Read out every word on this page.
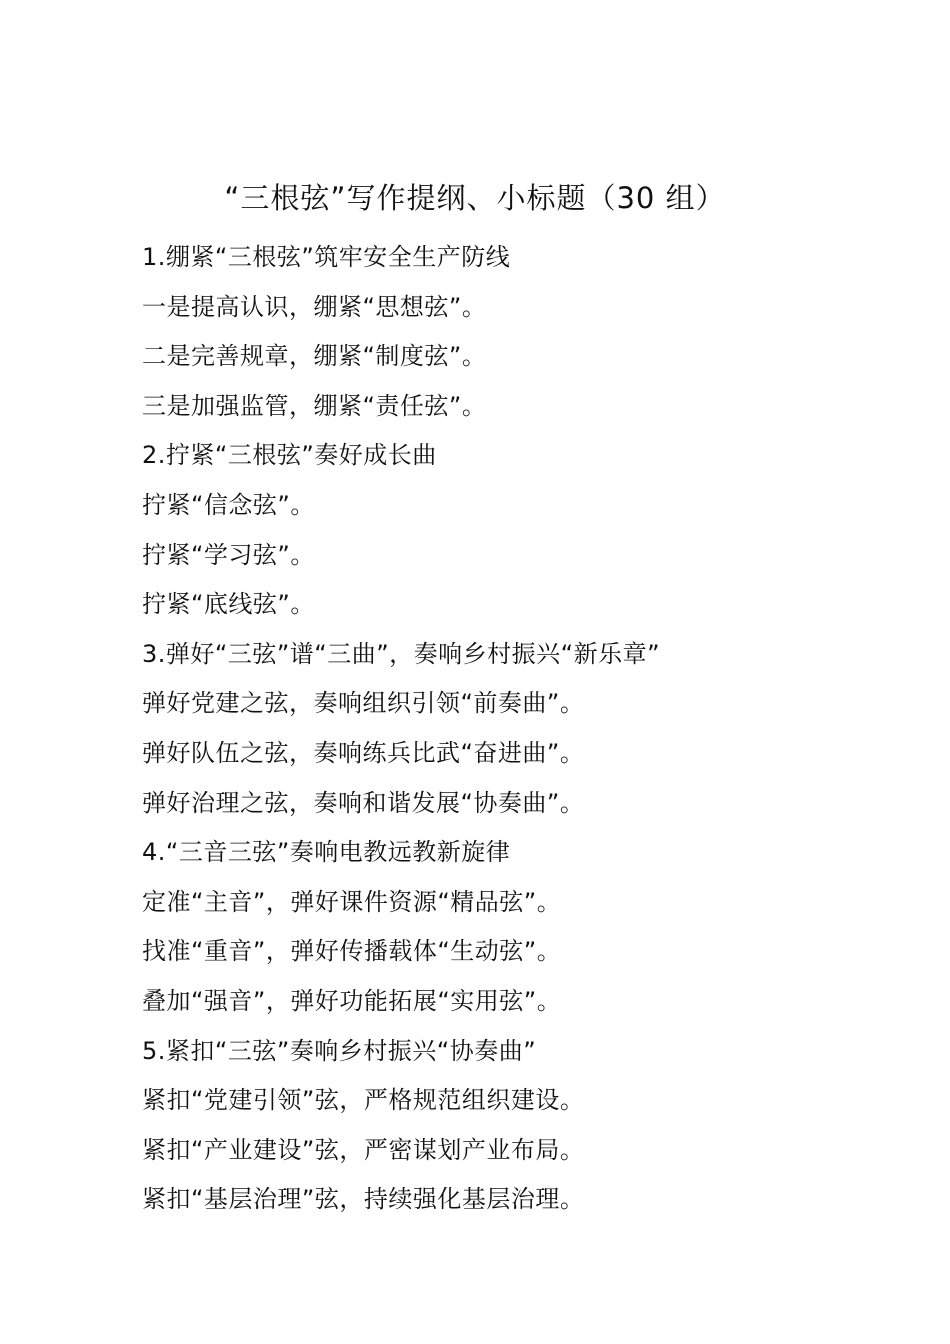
“三根弦”写作提纲、小标题（30 组）
1.绷紧“三根弦”筑牢安全生产防线
一是提高认识，绷紧“思想弦”。
二是完善规章，绷紧“制度弦”。
三是加强监管，绷紧“责任弦”。
2.拧紧“三根弦”奏好成长曲
拧紧“信念弦”。
拧紧“学习弦”。
拧紧“底线弦”。
3.弹好“三弦”谱“三曲”，奏响乡村振兴“新乐章”
弹好党建之弦，奏响组织引领“前奏曲”。
弹好队伍之弦，奏响练兵比武“奋进曲”。
弹好治理之弦，奏响和谐发展“协奏曲”。
4.“三音三弦”奏响电教远教新旋律
定准“主音”，弹好课件资源“精品弦”。
找准“重音”，弹好传播载体“生动弦”。
叠加“强音”，弹好功能拓展“实用弦”。
5.紧扣“三弦”奏响乡村振兴“协奏曲”
紧扣“党建引领”弦，严格规范组织建设。
紧扣“产业建设”弦，严密谋划产业布局。
紧扣“基层治理”弦，持续强化基层治理。
